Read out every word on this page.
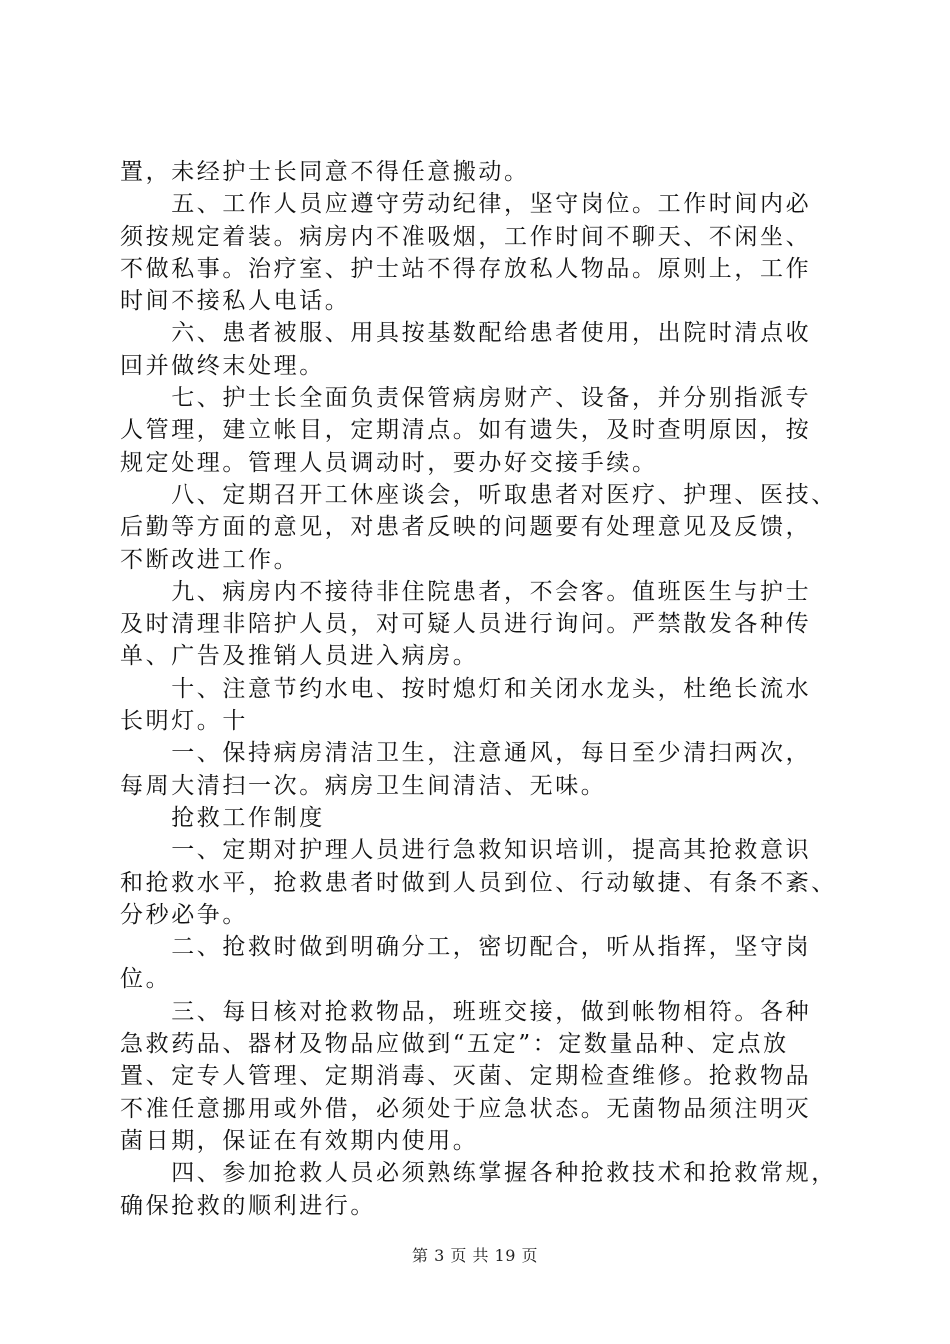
置，未经护士长同意不得任意搬动。
　　五、工作人员应遵守劳动纪律，坚守岗位。工作时间内必
须按规定着装。病房内不准吸烟，工作时间不聊天、不闲坐、
不做私事。治疗室、护士站不得存放私人物品。原则上，工作
时间不接私人电话。
　　六、患者被服、用具按基数配给患者使用，出院时清点收
回并做终末处理。
　　七、护士长全面负责保管病房财产、设备，并分别指派专
人管理，建立帐目，定期清点。如有遗失，及时查明原因，按
规定处理。管理人员调动时，要办好交接手续。
　　八、定期召开工休座谈会，听取患者对医疗、护理、医技、
后勤等方面的意见，对患者反映的问题要有处理意见及反馈，
不断改进工作。
　　九、病房内不接待非住院患者，不会客。值班医生与护士
及时清理非陪护人员，对可疑人员进行询问。严禁散发各种传
单、广告及推销人员进入病房。
　　十、注意节约水电、按时熄灯和关闭水龙头，杜绝长流水
长明灯。十
　　一、保持病房清洁卫生，注意通风，每日至少清扫两次，
每周大清扫一次。病房卫生间清洁、无味。
　　抢救工作制度
　　一、定期对护理人员进行急救知识培训，提高其抢救意识
和抢救水平，抢救患者时做到人员到位、行动敏捷、有条不紊、
分秒必争。
　　二、抢救时做到明确分工，密切配合，听从指挥，坚守岗
位。
　　三、每日核对抢救物品，班班交接，做到帐物相符。各种
急救药品、器材及物品应做到“五定”：定数量品种、定点放
置、定专人管理、定期消毒、灭菌、定期检查维修。抢救物品
不准任意挪用或外借，必须处于应急状态。无菌物品须注明灭
菌日期，保证在有效期内使用。
　　四、参加抢救人员必须熟练掌握各种抢救技术和抢救常规，
确保抢救的顺利进行。
第 3 页 共 19 页
